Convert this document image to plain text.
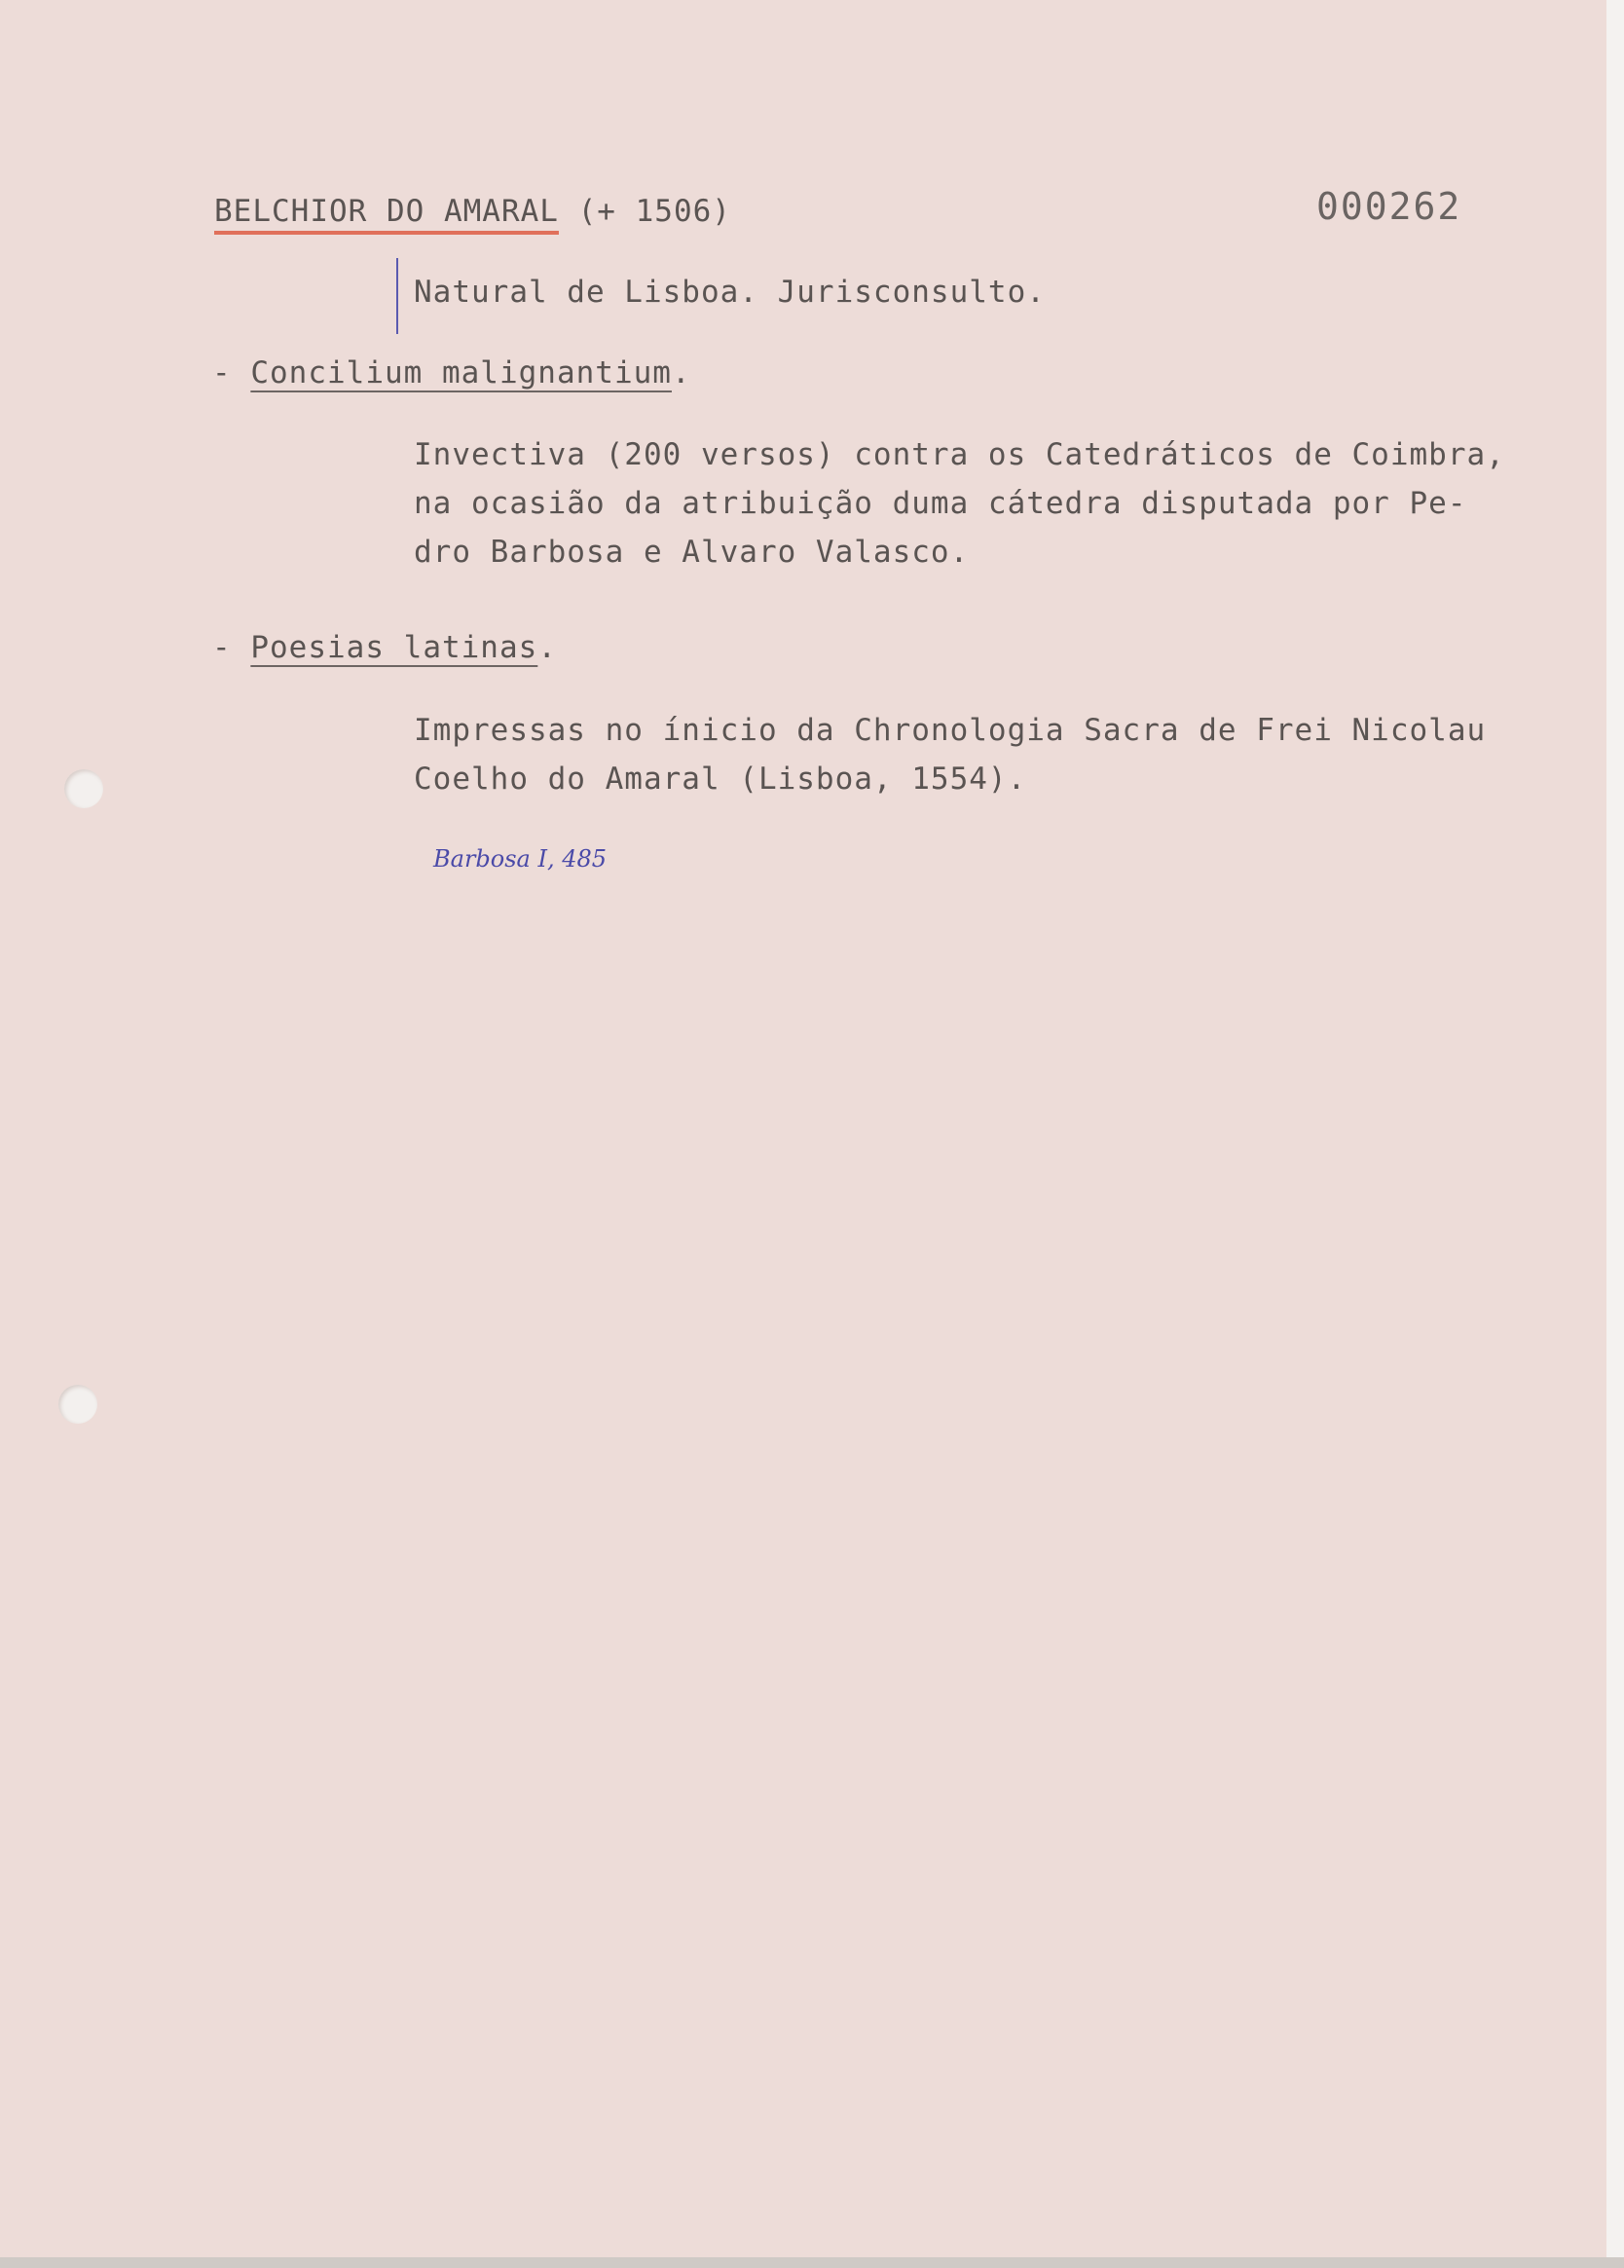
BELCHIOR DO AMARAL (+ 1506)	000262
Natural de Lisboa. Jurisconsulto.
- Concilium malignantium.
Invectiva (200 versos) contra os Catedráticos de Coimbra,
na ocasião da atribuição duma cátedra disputada por Pe-
dro Barbosa e Alvaro Valasco.
- Poesias latinas.
Impressas no ínicio da Chronologia Sacra de Frei Nicolau
Coelho do Amaral (Lisboa, 1554).
Barbosa I, 485
